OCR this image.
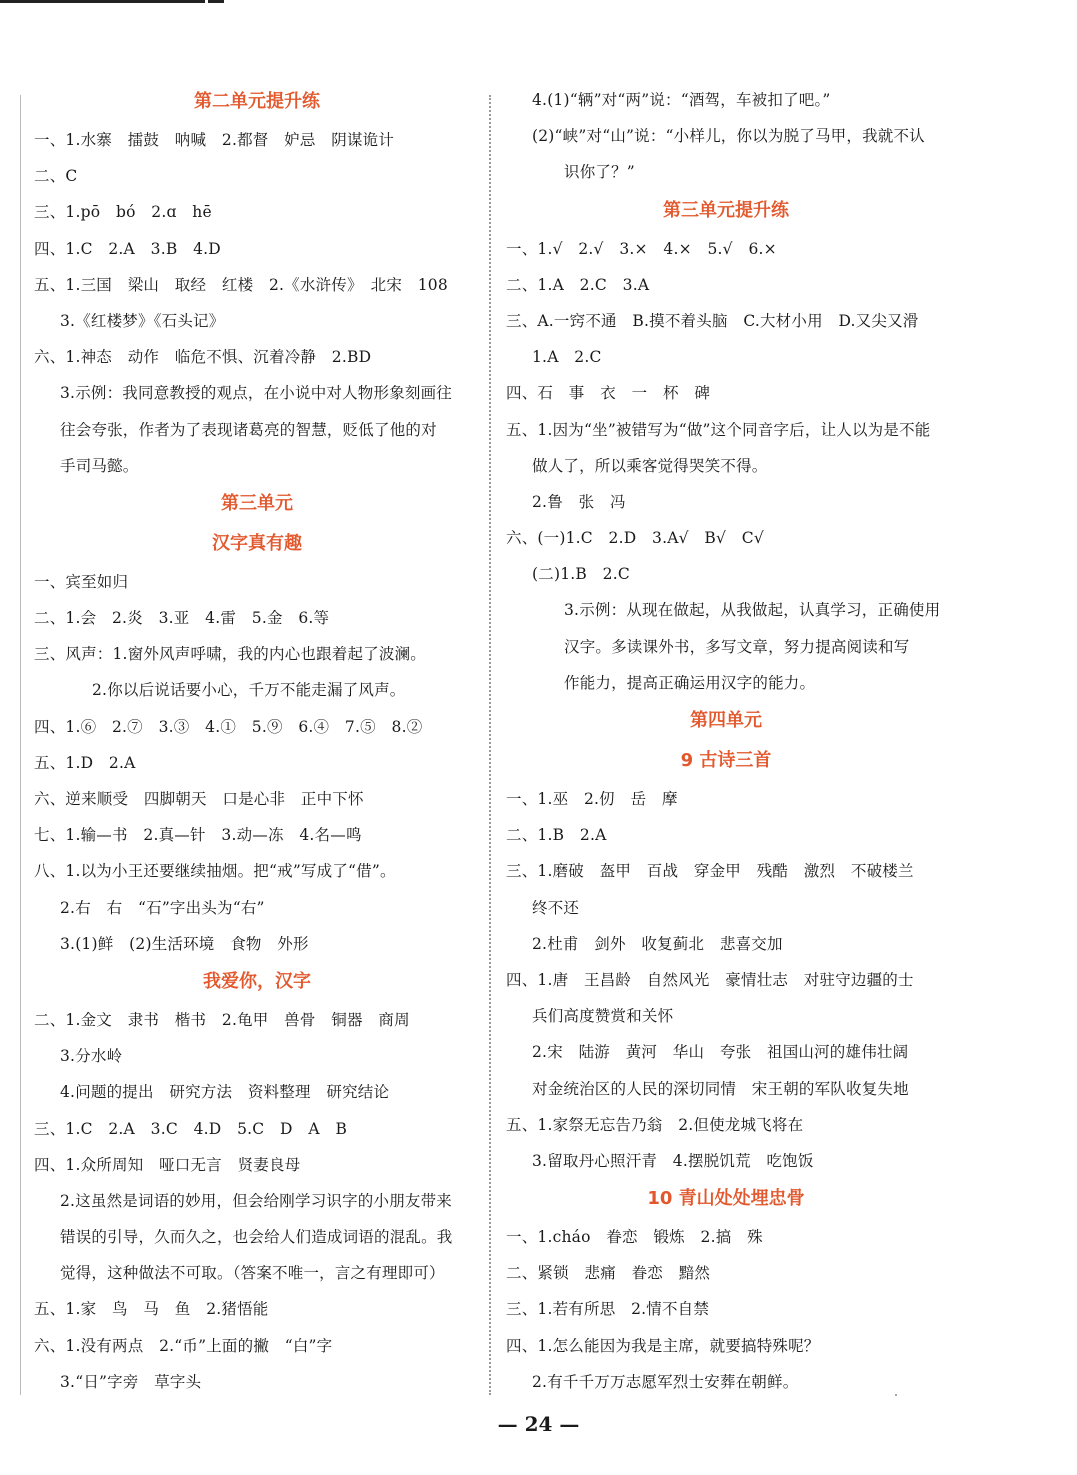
第二单元提升练
一、1.水寨　擂鼓　呐喊　2.都督　妒忌　阴谋诡计
二、C
三、1.pō　bó　2.ɑ　hē
四、1.C　2.A　3.B　4.D
五、1.三国　梁山　取经　红楼　2.《水浒传》　北宋　108
3.《红楼梦》《石头记》
六、1.神态　动作　临危不惧、沉着冷静　2.BD
3.示例：我同意教授的观点，在小说中对人物形象刻画往
往会夸张，作者为了表现诸葛亮的智慧，贬低了他的对
手司马懿。
第三单元
汉字真有趣
一、宾至如归
二、1.会　2.炎　3.亚　4.雷　5.金　6.等
三、风声：1.窗外风声呼啸，我的内心也跟着起了波澜。
2.你以后说话要小心，千万不能走漏了风声。
四、1.⑥　2.⑦　3.③　4.①　5.⑨　6.④　7.⑤　8.②
五、1.D　2.A
六、逆来顺受　四脚朝天　口是心非　正中下怀
七、1.输—书　2.真—针　3.动—冻　4.名—鸣
八、1.以为小王还要继续抽烟。把“戒”写成了“借”。
2.右　右　“石”字出头为“右”
3.(1)鲜　(2)生活环境　食物　外形
我爱你，汉字
二、1.金文　隶书　楷书　2.龟甲　兽骨　铜器　商周
3.分水岭
4.问题的提出　研究方法　资料整理　研究结论
三、1.C　2.A　3.C　4.D　5.C　D　A　B
四、1.众所周知　哑口无言　贤妻良母
2.这虽然是词语的妙用，但会给刚学习识字的小朋友带来
错误的引导，久而久之，也会给人们造成词语的混乱。我
觉得，这种做法不可取。（答案不唯一，言之有理即可）
五、1.家　鸟　马　鱼　2.猪悟能
六、1.没有两点　2.“币”上面的撇　“白”字
3.“日”字旁　草字头
4.(1)“辆”对“两”说：“酒驾，车被扣了吧。”
(2)“峡”对“山”说：“小样儿，你以为脱了马甲，我就不认
识你了？”
第三单元提升练
一、1.√　2.√　3.×　4.×　5.√　6.×
二、1.A　2.C　3.A
三、A.一窍不通　B.摸不着头脑　C.大材小用　D.又尖又滑
1.A　2.C
四、石　事　衣　一　杯　碑
五、1.因为“坐”被错写为“做”这个同音字后，让人以为是不能
做人了，所以乘客觉得哭笑不得。
2.鲁　张　冯
六、(一)1.C　2.D　3.A√　B√　C√
(二)1.B　2.C
3.示例：从现在做起，从我做起，认真学习，正确使用
汉字。多读课外书，多写文章，努力提高阅读和写
作能力，提高正确运用汉字的能力。
第四单元
9 古诗三首
一、1.巫　2.仞　岳　摩
二、1.B　2.A
三、1.磨破　盔甲　百战　穿金甲　残酷　激烈　不破楼兰
终不还
2.杜甫　剑外　收复蓟北　悲喜交加
四、1.唐　王昌龄　自然风光　豪情壮志　对驻守边疆的士
兵们高度赞赏和关怀
2.宋　陆游　黄河　华山　夸张　祖国山河的雄伟壮阔
对金统治区的人民的深切同情　宋王朝的军队收复失地
五、1.家祭无忘告乃翁　2.但使龙城飞将在
3.留取丹心照汗青　4.摆脱饥荒　吃饱饭
10 青山处处埋忠骨
一、1.cháo　眷恋　锻炼　2.搞　殊
二、紧锁　悲痛　眷恋　黯然
三、1.若有所思　2.情不自禁
四、1.怎么能因为我是主席，就要搞特殊呢？
2.有千千万万志愿军烈士安葬在朝鲜。
— 24 —
